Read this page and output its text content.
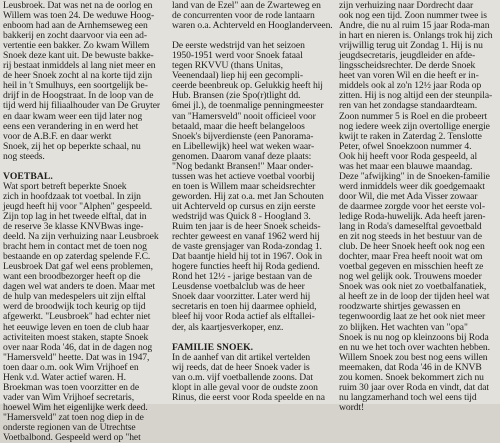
Leusbroek. Dat was net na de oorlog en
Willem was toen 24. De weduwe Hoog-
enboom had aan de Arnhemseweg een
bakkerij en zocht daarvoor via een ad-
vertentie een bakker. Zo kwam Willem
Snoek deze kant uit. De bewuste bakke-
rij bestaat inmiddels al lang niet meer en
de heer Snoek zocht al na korte tijd zijn
heil in 't Smulhuys, een soortgelijk be-
drijf in de Hoogstraat. In de loop van de
tijd werd hij filiaalhouder van De Gruyter
en daar kwam weer een tijd later nog
eens een verandering in en werd het
voor de A.B.F. en daar werkt
Snoek, zij het op beperkte schaal, nu
nog steeds.
VOETBAL.
Wat sport betreft beperkte Snoek
zich in hoofdzaak tot voetbal. In zijn
jeugd heeft hij voor "Alphen" gespeeld.
Zijn top lag in het tweede elftal, dat in
de reserve 3e klasse KNVBwas inge-
deeld. Na zijn verhuizing naar Leusbroek
bracht hem in contact met de toen nog
bestaande en op zaterdag spelende F.C.
Leusbroek Dat gaf wel eens problemen,
want een broodbezorger heeft op die
dagen wel wat anders te doen. Maar met
de hulp van medespelers uit zijn elftal
werd de broodwijk toch keurig op tijd
afgewerkt. "Leusbroek" had echter niet
het eeuwige leven en toen de club haar
activiteiten moest staken, stapte Snoek
over naar Roda '46, dat in de dagen nog
"Hamersveld" heette. Dat was in 1947,
toen daar o.m. ook Wim Vrijhoef en
Henk v.d. Water actief waren. H.
Broekman was toen voorzitter en de
vader van Wim Vrijhoef secretaris,
hoewel Wim het eigenlijke werk deed.
"Hamersveld" zat toen nog diep in de
onderste regionen van de Utrechtse
Voetbalbond. Gespeeld werd op "het
land van de Ezel" aan de Zwarteweg en
de concurrenten voor de rode lantaarn
waren o.a. Achterveld en Hooglanderveen.
De eerste wedstrijd van het seizoen
1950-1951 werd voor Snoek fataal
tegen RKVVU (thans Unitas,
Veenendaal) liep hij een gecompli-
ceerde beenbreuk op. Gelukkig heeft hij
Hub. Bransen (zie Spo(r)tlight dd.
6mei jl.), de toenmalige penningmeester
van "Hamersveld" nooit officieel voor
betaald, maar die heeft belangeloos
Snoek's bijverdienste (een Panorama-
en Libellewijk) heel wat weken waar-
genomen. Daarom vanaf deze plaats:
"Nog bedankt Bransen!" Maar onder-
tussen was het actieve voetbal voorbij
en toen is Willem maar scheidsrechter
geworden. Hij zat o.a. met Jan Schouten
uit Achterveld op cursus en zijn eerste
wedstrijd was Quick 8 - Hoogland 3.
Ruim ten jaar is de heer Snoek scheids-
rechter geweest en vanaf 1962 werd hij
de vaste grensjager van Roda-zondag 1.
Dat baantje hield hij tot in 1967. Ook in
hogere functies heeft hij Roda gediend.
Rond het 12½ - jarige bestaan van de
Leusdense voetbalclub was de heer
Snoek daar voorzitter. Later werd hij
secretaris en toen hij daarmee ophield,
bleef hij voor Roda actief als elftallei-
der, als kaartjesverkoper, enz.
FAMILIE SNOEK.
In de aanhef van dit artikel vertelden
wij reeds, dat de heer Snoek vader is
van o.m. vijf voetballende zoons. Dat
klopt in alle geval voor de oudste zoon
Rinus, die eerst voor Roda speelde en na
zijn verhuizing naar Dordrecht daar
ook nog een tijd. Zoon nummer twee is
Andre, die nu al ruim 15 jaar Roda-man
in hart en nieren is. Onlangs trok hij zich
vrijwillig terug uit Zondag 1. Hij is nu
jeugdsecretaris, jeugdleider en afde-
lingsscheidsrechter. De derde Snoek
heet van voren Wil en die heeft er in-
middels ook al zo'n 12½ jaar Roda op
zitten. Hij is nog altijd een der steunpila-
ren van het zondagse standaardteam.
Zoon nummer 5 is Roel en die probeert
nog iedere week zijn overtollige energie
kwijt te raken in Zaterdag 2. Tenslotte
Peter, ofwel Snoekzoon nummer 4.
Ook hij heeft voor Roda gespeeld, al
was het maar een blauwe maandag.
Deze "afwijking" in de Snoeken-familie
werd inmiddels weer dik goedgemaakt
door Wil, die met Ada Visser zowaar
de daarmee zorgde voor het eerste vol-
ledige Roda-huwelijk. Ada heeft jaren-
lang in Roda's dameselftal gevoetbald
en zit nog steeds in het bestuur van de
club. De heer Snoek heeft ook nog een
dochter, maar Frea heeft nooit wat om
voetbal gegeven en misschien heeft ze
nog wel gelijk ook. Trouwens moeder
Snoek was ook niet zo voetbalfanatiek,
al heeft ze in de loop der tijden heel wat
roodzwarte shirtjes gewassen en
tegenwoordig laat ze het ook niet meer
zo blijken. Het wachten van "opa"
Snoek is nu nog op kleinzoons bij Roda
en nu we het toch over wachten hebben.
Willem Snoek zou best nog eens willen
meemaken, dat Roda '46 in de KNVB
zou komen. Snoek bekommert zich nu
ruim 30 jaar over Roda en vindt, dat dat
nu langzamerhand toch wel eens tijd
wordt!
